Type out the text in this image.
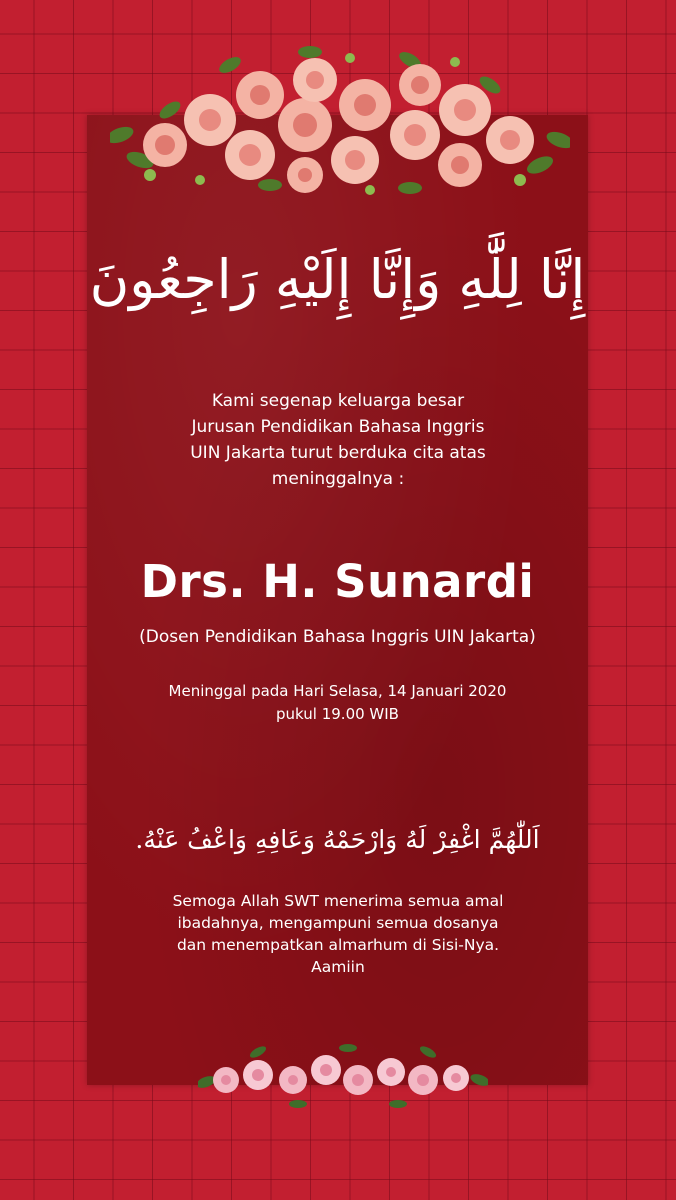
إِنَّا لِلَّٰهِ وَإِنَّا إِلَيْهِ رَاجِعُونَ
Kami segenap keluarga besar
Jurusan Pendidikan Bahasa Inggris
UIN Jakarta turut berduka cita atas
meninggalnya :
Drs. H. Sunardi
(Dosen Pendidikan Bahasa Inggris UIN Jakarta)
Meninggal pada Hari Selasa, 14 Januari 2020
pukul 19.00 WIB
اَللّٰهُمَّ اغْفِرْ لَهُ وَارْحَمْهُ وَعَافِهِ وَاعْفُ عَنْهُ.
Semoga Allah SWT menerima semua amal
ibadahnya, mengampuni semua dosanya
dan menempatkan almarhum di Sisi-Nya.
Aamiin
